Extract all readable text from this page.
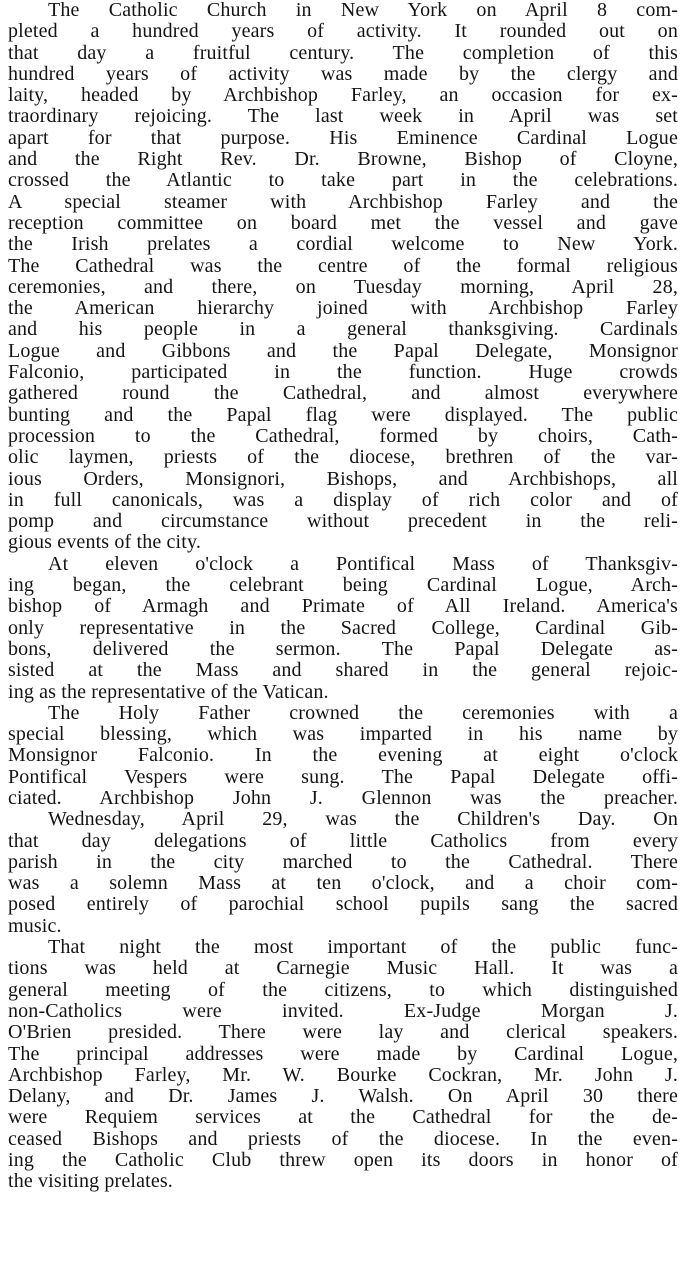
The Catholic Church in New York on April 8 com-
pleted a hundred years of activity. It rounded out on
that day a fruitful century. The completion of this
hundred years of activity was made by the clergy and
laity, headed by Archbishop Farley, an occasion for ex-
traordinary rejoicing. The last week in April was set
apart for that purpose. His Eminence Cardinal Logue
and the Right Rev. Dr. Browne, Bishop of Cloyne,
crossed the Atlantic to take part in the celebrations.
A special steamer with Archbishop Farley and the
reception committee on board met the vessel and gave
the Irish prelates a cordial welcome to New York.
The Cathedral was the centre of the formal religious
ceremonies, and there, on Tuesday morning, April 28,
the American hierarchy joined with Archbishop Farley
and his people in a general thanksgiving. Cardinals
Logue and Gibbons and the Papal Delegate, Monsignor
Falconio, participated in the function. Huge crowds
gathered round the Cathedral, and almost everywhere
bunting and the Papal flag were displayed. The public
procession to the Cathedral, formed by choirs, Cath-
olic laymen, priests of the diocese, brethren of the var-
ious Orders, Monsignori, Bishops, and Archbishops, all
in full canonicals, was a display of rich color and of
pomp and circumstance without precedent in the reli-
gious events of the city.
At eleven o'clock a Pontifical Mass of Thanksgiv-
ing began, the celebrant being Cardinal Logue, Arch-
bishop of Armagh and Primate of All Ireland. America's
only representative in the Sacred College, Cardinal Gib-
bons, delivered the sermon. The Papal Delegate as-
sisted at the Mass and shared in the general rejoic-
ing as the representative of the Vatican.
The Holy Father crowned the ceremonies with a
special blessing, which was imparted in his name by
Monsignor Falconio. In the evening at eight o'clock
Pontifical Vespers were sung. The Papal Delegate offi-
ciated. Archbishop John J. Glennon was the preacher.
Wednesday, April 29, was the Children's Day. On
that day delegations of little Catholics from every
parish in the city marched to the Cathedral. There
was a solemn Mass at ten o'clock, and a choir com-
posed entirely of parochial school pupils sang the sacred
music.
That night the most important of the public func-
tions was held at Carnegie Music Hall. It was a
general meeting of the citizens, to which distinguished
non-Catholics were invited. Ex-Judge Morgan J.
O'Brien presided. There were lay and clerical speakers.
The principal addresses were made by Cardinal Logue,
Archbishop Farley, Mr. W. Bourke Cockran, Mr. John J.
Delany, and Dr. James J. Walsh. On April 30 there
were Requiem services at the Cathedral for the de-
ceased Bishops and priests of the diocese. In the even-
ing the Catholic Club threw open its doors in honor of
the visiting prelates.
